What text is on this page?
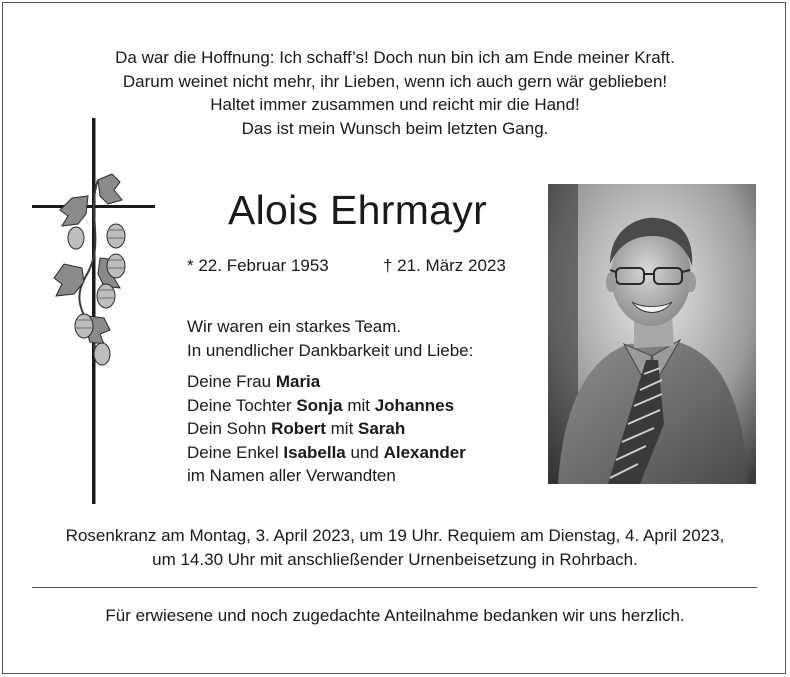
Da war die Hoffnung: Ich schaff’s! Doch nun bin ich am Ende meiner Kraft.
Darum weinet nicht mehr, ihr Lieben, wenn ich auch gern wär geblieben!
Haltet immer zusammen und reicht mir die Hand!
Das ist mein Wunsch beim letzten Gang.
Alois Ehrmayr
* 22. Februar 1953	† 21. März 2023
Wir waren ein starkes Team.
In unendlicher Dankbarkeit und Liebe:
Deine Frau Maria
Deine Tochter Sonja mit Johannes
Dein Sohn Robert mit Sarah
Deine Enkel Isabella und Alexander
im Namen aller Verwandten
Rosenkranz am Montag, 3. April 2023, um 19 Uhr. Requiem am Dienstag, 4. April 2023,
um 14.30 Uhr mit anschließender Urnenbeisetzung in Rohrbach.
Für erwiesene und noch zugedachte Anteilnahme bedanken wir uns herzlich.
